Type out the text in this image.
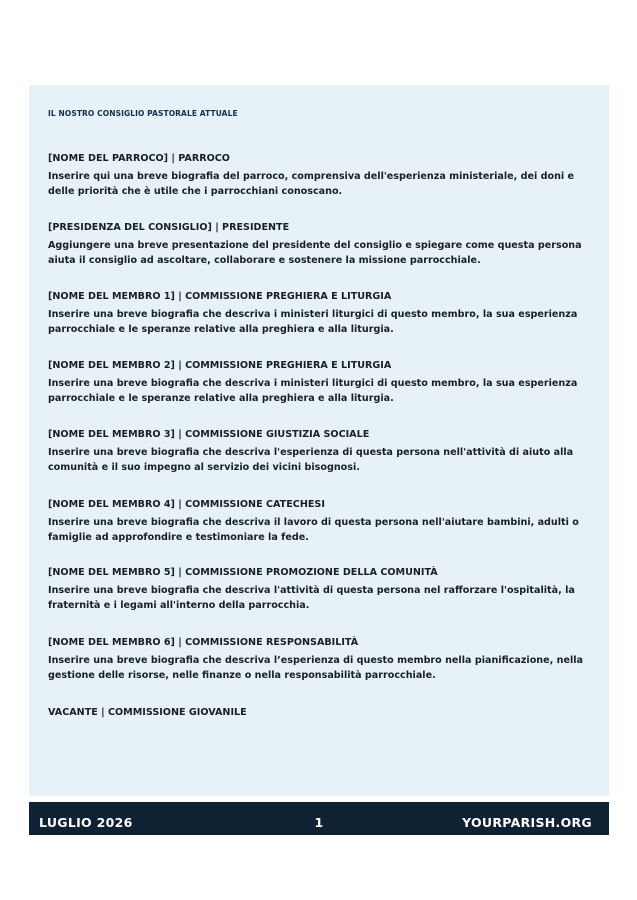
IL NOSTRO CONSIGLIO PASTORALE ATTUALE

[NOME DEL PARROCO] | PARROCO

Inserire qui una breve biografia del parroco, comprensiva dell'esperienza ministeriale, dei doni e delle priorità che è utile che i parrocchiani conoscano.

[PRESIDENZA DEL CONSIGLIO] | PRESIDENTE

Aggiungere una breve presentazione del presidente del consiglio e spiegare come questa persona aiuta il consiglio ad ascoltare, collaborare e sostenere la missione parrocchiale.

[NOME DEL MEMBRO 1] | COMMISSIONE PREGHIERA E LITURGIA

Inserire una breve biografia che descriva i ministeri liturgici di questo membro, la sua esperienza parrocchiale e le speranze relative alla preghiera e alla liturgia.

[NOME DEL MEMBRO 2] | COMMISSIONE PREGHIERA E LITURGIA

Inserire una breve biografia che descriva i ministeri liturgici di questo membro, la sua esperienza parrocchiale e le speranze relative alla preghiera e alla liturgia.

[NOME DEL MEMBRO 3] | COMMISSIONE GIUSTIZIA SOCIALE

Inserire una breve biografia che descriva l'esperienza di questa persona nell'attività di aiuto alla comunità e il suo impegno al servizio dei vicini bisognosi.

[NOME DEL MEMBRO 4] | COMMISSIONE CATECHESI

Inserire una breve biografia che descriva il lavoro di questa persona nell'aiutare bambini, adulti o famiglie ad approfondire e testimoniare la fede.

[NOME DEL MEMBRO 5] | COMMISSIONE PROMOZIONE DELLA COMUNITÀ

Inserire una breve biografia che descriva l'attività di questa persona nel rafforzare l'ospitalità, la fraternità e i legami all'interno della parrocchia.

[NOME DEL MEMBRO 6] | COMMISSIONE RESPONSABILITÀ

Inserire una breve biografia che descriva l’esperienza di questo membro nella pianificazione, nella gestione delle risorse, nelle finanze o nella responsabilità parrocchiale.

VACANTE | COMMISSIONE GIOVANILE

LUGLIO 2026	1	YOURPARISH.ORG
